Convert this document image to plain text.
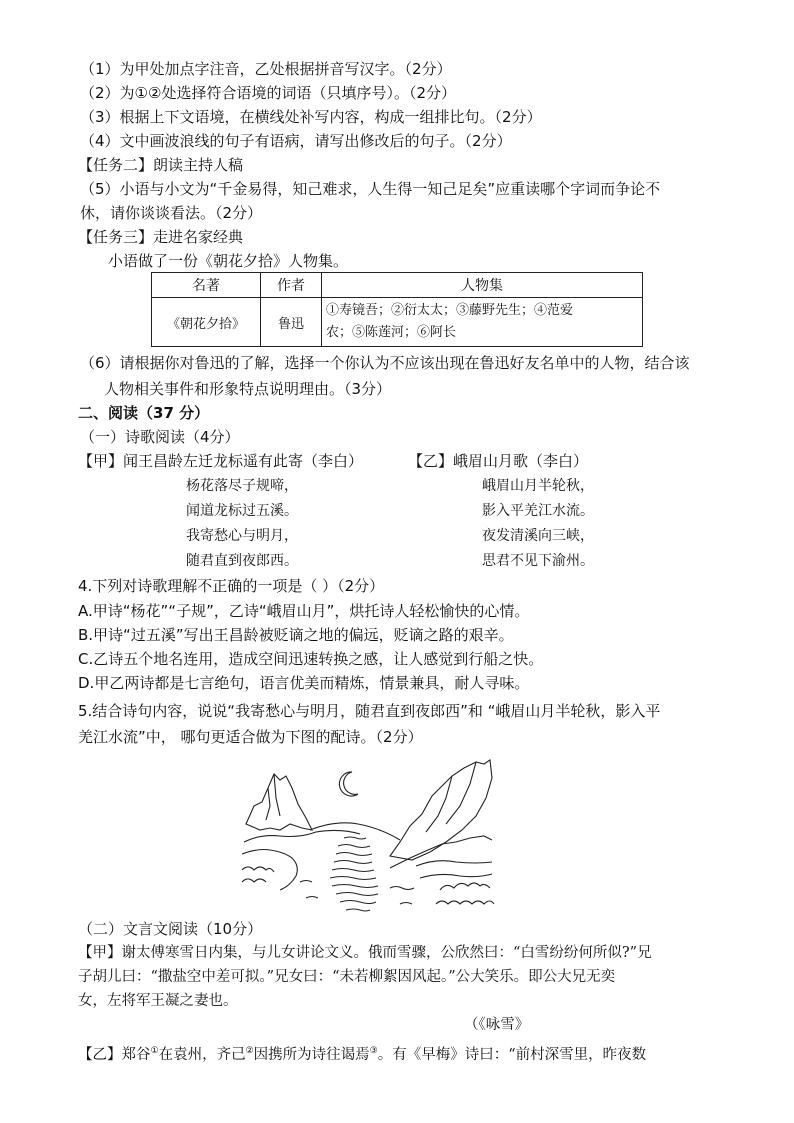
（1）为甲处加点字注音，乙处根据拼音写汉字。（2分）
（2）为①②处选择符合语境的词语（只填序号）。（2分）
（3）根据上下文语境，在横线处补写内容，构成一组排比句。（2分）
（4）文中画波浪线的句子有语病，请写出修改后的句子。（2分）
【任务二】朗读主持人稿
（5）小语与小文为“千金易得，知己难求，人生得一知己足矣”应重读哪个字词而争论不
休，请你谈谈看法。（2分）
【任务三】走进名家经典
小语做了一份《朝花夕拾》人物集。
名著	作者	人物集
《朝花夕拾》	鲁迅	①寿镜吾；②衍太太；③藤野先生；④范爱
农；⑤陈莲河；⑥阿长
（6）请根据你对鲁迅的了解，选择一个你认为不应该出现在鲁迅好友名单中的人物，结合该
人物相关事件和形象特点说明理由。（3分）
二、阅读（37 分）
（一）诗歌阅读（4分）
【甲】闻王昌龄左迁龙标遥有此寄（李白）	【乙】峨眉山月歌（李白）
杨花落尽子规啼，
闻道龙标过五溪。
我寄愁心与明月，
随君直到夜郎西。
峨眉山月半轮秋，
影入平羌江水流。
夜发清溪向三峡，
思君不见下渝州。
4.下列对诗歌理解不正确的一项是（ ）（2分）
A.甲诗“杨花”“子规”，乙诗“峨眉山月”，烘托诗人轻松愉快的心情。
B.甲诗“过五溪”写出王昌龄被贬谪之地的偏远，贬谪之路的艰辛。
C.乙诗五个地名连用，造成空间迅速转换之感，让人感觉到行船之快。
D.甲乙两诗都是七言绝句，语言优美而精炼，情景兼具，耐人寻味。
5.结合诗句内容，说说“我寄愁心与明月，随君直到夜郎西”和 “峨眉山月半轮秋，影入平
羌江水流”中， 哪句更适合做为下图的配诗。（2分）
（二）文言文阅读（10分）
【甲】谢太傅寒雪日内集，与儿女讲论文义。俄而雪骤，公欣然曰：“白雪纷纷何所似?”兄
子胡儿曰：“撒盐空中差可拟。”兄女曰：“未若柳絮因风起。”公大笑乐。即公大兄无奕
女，左将军王凝之妻也。
（《咏雪》
【乙】郑谷①在袁州，齐己②因携所为诗往谒焉③。有《早梅》诗曰：“前村深雪里，昨夜数
